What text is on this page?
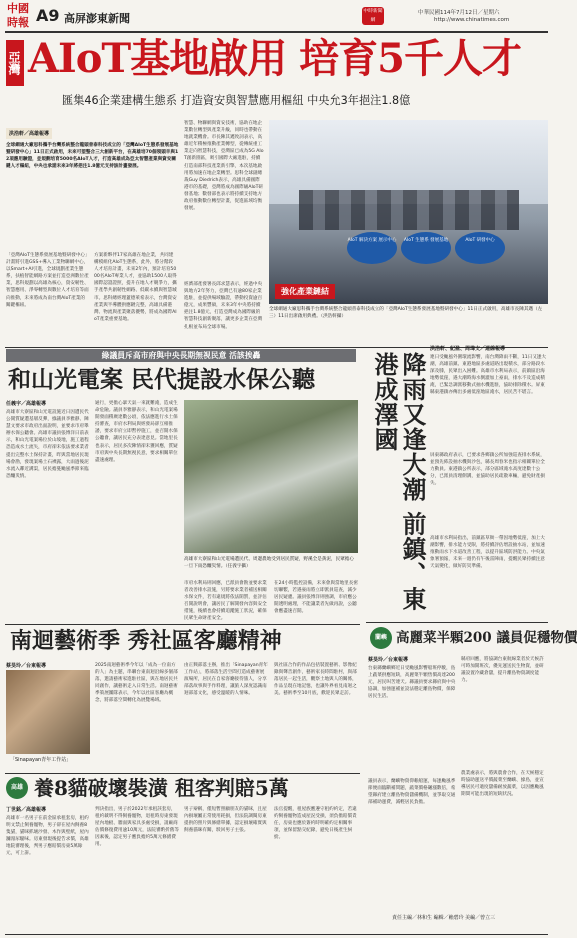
中國時報 A9 高屏澎東新聞
中時新聞網
中華民國114年7月12日／星期六
http://www.chinatimes.com
亞灣 AIoT基地啟用 培育5千人才
匯集46企業建構生態系 打造資安與智慧應用樞紐 中央允3年挹注1.8億
洪浩軒／高雄報導
全球網通大廠思科攜手台灣系統整合龍頭普泰科技成立的「亞灣AIoT生態系發展基地暨研發中心」11日正式啟用，未來可望整合三大創新平台，在高雄培70個領頭羊與12項應用驗證，並規劃培育5000名AIoT人才，打造高雄成為亞太智慧產業與資安關鍵人才樞紐，中央也承諾未來3年將挹注1.8億元支持該計畫發展。
「亞灣AIoT生態系發展基地暨研發中心」計畫將引進GSS+導入工業物聯網中心，以Smart+AI引進，全球規劃產業生態系，扶植智能網路方案並打造亞洲數位產業，思科規劃以高雄為核心，資安韌性、智慧應用、淨零轉型與數位人才培育等面向推動，未來將成為南台灣AIoT產業的關鍵樞紐。
方案新夥伴17家高雄在地企業，共同建構模組化AIoT生態系，此外，將分階段人才培育計畫，未來2年內，預計培育5000名AIoT專業人才，並協助1500人取得國際認證證照，提升在地人才競爭力，攜手產學共創韌性網路、低碳永續與智慧城市。思科總經理蓋德萊希表示，台灣資安產業與半導體供應鏈完整，高雄具備港灣、物流與產業聚落優勢，將成為國際AIoT產業重要基地。
智慧、物聯網與資安技術，協助在地企業數位轉型與產業升級，同時也帶動在地就業機會。市長陳其邁致詞表示，高雄近年積極推動產業轉型，從傳統重工業走向智慧科技，亞灣區已成為5G AIoT創新園區，吸引國際大廠進駐，持續打造南部科技產業新引擎，本次基地啟用將加速在地企業轉型。思科全球副總裁Guy Diedrich表示，高雄具備國際港市的基礎，亞灣將成為國際級AIoT研發基地；數發部也表示將持續支持地方政府推動數位轉型計畫，促進區域均衡發展。
經濟部產發署長邱求慧表示，經過中央與地方2年努力，亞灣已有逾80家企業進駐，並提供場域驗證，帶動投資逾百億元，成果豐碩，未來3年中央將持續挹注1.8億元，打造亞灣成為國際級的智慧科技創新聚落，讓更多企業在亞灣扎根並布局全球市場。
AIoT 解決方案 展示中心	AIoT 生態系 發展基地	AIoT 研發中心
強化產業鏈結
全球網通大廠思科攜手台灣系統整合龍頭普泰科技成立的「亞灣AIoT生態系發展基地暨研發中心」11日正式啟用，高雄市長陳其邁（左三）11日出席啟用典禮。（洪浩軒攝）
綠議員斥高市府與中央長期無視民意 活該挨轟
和山光電案 民代提設水保公聽
任義宇／高雄報導
高雄市大寮區和山光電設施近日因遭民代公開質疑遭基層反彈，綠議員李雅靜、陳慧文要求市政府出面說明，並要求市府舉辦水保公聽會。高雄市議員張博洋日前表示，和山光電案場位於山坡地，施工過程恐造成水土流失，市府卻未依法要求業者提出完整水土保持計畫，昨與當地居民現場會勘，發現案場土石裸露，大雨過後泥水流入鄰近溝渠，居民擔憂颱風季節來臨恐釀災情。
通行，更擔心暴天氣一來就難淹，造成生命危險。議員李雅靜表示，和山光電案場開發面積廣達數公頃，依法應進行水土保持審查，市府水利局與經發局卻互相推諉，要求市府立即暫停施工，並召開水保公聽會，讓居民充分表達意見。當地里長也表示，居民多次陳情卻未獲回應，質疑市府與中央長期無視民意，要求相關單位盡速處理。
市府水利局則回應，已派員會勘並要求業者改善排水設施，另將要求業者補送相關水保文件，若有違規將依法開罰，並評估召開說明會，讓居民了解開發內容與安全措施，後續也會持續追蹤施工狀況，確保民眾生命財產安全。
在24小時監控設備，未來會與當地里長密切聯繫，若遇豪雨將立即派員巡查，減少居民疑慮。議員張博洋則強調，市府應公開透明處理，不能讓業者先做再說，公聽會應盡速召開。
高雄市大寮區和山光電場遭民代、周邊農地受到居民質疑，野溪全是黃泥，民眾擔心一旦下雨恐釀災情。（任義宇攝）	降雨又逢大潮 前鎮、東港成澤國
洪浩軒、紀盈、周瑋文／連線報導
連日受颱風外圍環流影響，南台灣降雨不斷，11日又逢大潮，高雄前鎮、東港地區多處道路出現積水，部分路段水深及膝，民眾出入困難。高雄市水利局表示，前鎮區沿海地勢低窪，遇大潮時海水倒灌加上豪雨，排水不及造成積淹，已緊急調派移動式抽水機進駐，協助排除積水。屏東縣東港鎮亦傳出多處低窪地區淹水，居民苦不堪言。
屏東縣政府表示，已要求各鄉鎮公所加強巡查排水系統，並預先佈設抽水機與沙包，縣長周春米也指示相關單位全力動員。東港鎮公所表示，部分區域淹水高度達數十公分，已派員清理側溝，並協助居民疏散車輛，避免財產損失。
高雄市水利局指出，前鎮區草衙一帶因地勢低窪，加上大潮影響，排水能力受限，將持續評估增設抽水站，並加速推動雨水下水道改善工程，以提升區域防洪能力。中央氣象署預報，未來一週仍有午後雷陣雨，提醒民眾持續注意天氣變化，做好防災準備。
南迴藝術季 秀社區客廳精神
蔡旻玲／台東報導	2025南迴藝術季今年以「成為一位南方的人」為主題，串聯台東南迴沿線多個部落，邀請藝術家進駐社區，與在地居民共同創作，讓藝術走入日常生活。南迴藝術季策展團隊表示，今年以社區客廳為概念，將部落空間轉化為展覽場域。
由正興部落主辦，推出「Sinapayan青年工作站」，將部落生活空間打造成藝術展演場所，居民在自家客廳接待旅人，分享部落故事與手作料理，讓旅人深度認識南迴部落文化，感受溫暖的人情味。
與社區合作的作品包括裝置藝術、影像紀錄與聲音創作，藝術家長時間駐村，與部落居民一起生活，觀察土地與人的關係，作品呈現在地記憶，也讓外界看見南迴之美。藝術季至10月底，歡迎民眾走訪。
「Sinapayan青年工作站」
高雄 養8貓破壞裝潢 租客判賠5萬
丁世銘／高雄報導
高雄市一名男子在前金區承租套房，租約明文禁止飼養寵物，男子卻在屋內飼養8隻貓，貓咪抓壞沙發、木作與壁紙，屋內瀰漫尿騷味。房東發現後提告求償，高雄地院審理後，判男子應賠償房東5萬餘元，可上訴。
判決指出，男子於2022年承租該套房，租約載明不得飼養寵物，退租時房東發現屋內地板、牆面與家具多處受損，請廠商估價修復費用逾10萬元，法院審酌折舊等因素後，認定男子應負擔約5萬元修繕費用。
男子辯稱，僅短暫照顧朋友的貓咪，且屋內損壞屬正常使用耗損，但法院調閱房東提供的照片與修繕單據，認定損壞確實與飼養貓咪有關，駁回男子主張。
法官提醒，租屋族應遵守租約約定，若違約飼養寵物造成屋況受損，須負擔賠償責任，房東也應於簽約時明確約定相關事項，並保留點交紀錄，避免日後產生糾紛。
蘭嶼 高麗菜半顆200 議員促穩物價
蔡旻玲／台東報導
台東縣蘭嶼鄉近日受颱風影響船班停駛，島上蔬菜供應短缺，高麗菜半顆售價高達200元，居民叫苦連天。縣議員要求縣府與中央協調，加強運補並設法穩定離島物價，保障居民生活。
議員表示，蘭嶼物資仰賴船運，每逢颱風季節便面臨斷補問題，蔬菜價格飆漲數倍，希望縣府建立離島物資儲備機制，並爭取交通部補助運費，減輕居民負擔。
縣府回應，將協調台東航線業者於天候許可時加開班次，優先運送民生物資，並研議設置冷藏倉儲，提升離島物資調度能力。
農業處表示，將與農會合作，在天候穩定時協助運送平價蔬菜至蘭嶼、綠島，並宣導居民可適度儲備耐放蔬菜，以因應颱風期間可能出現的短缺狀況。
責任主編／林和生 編輯／賴碧玲 美編／曾立三
